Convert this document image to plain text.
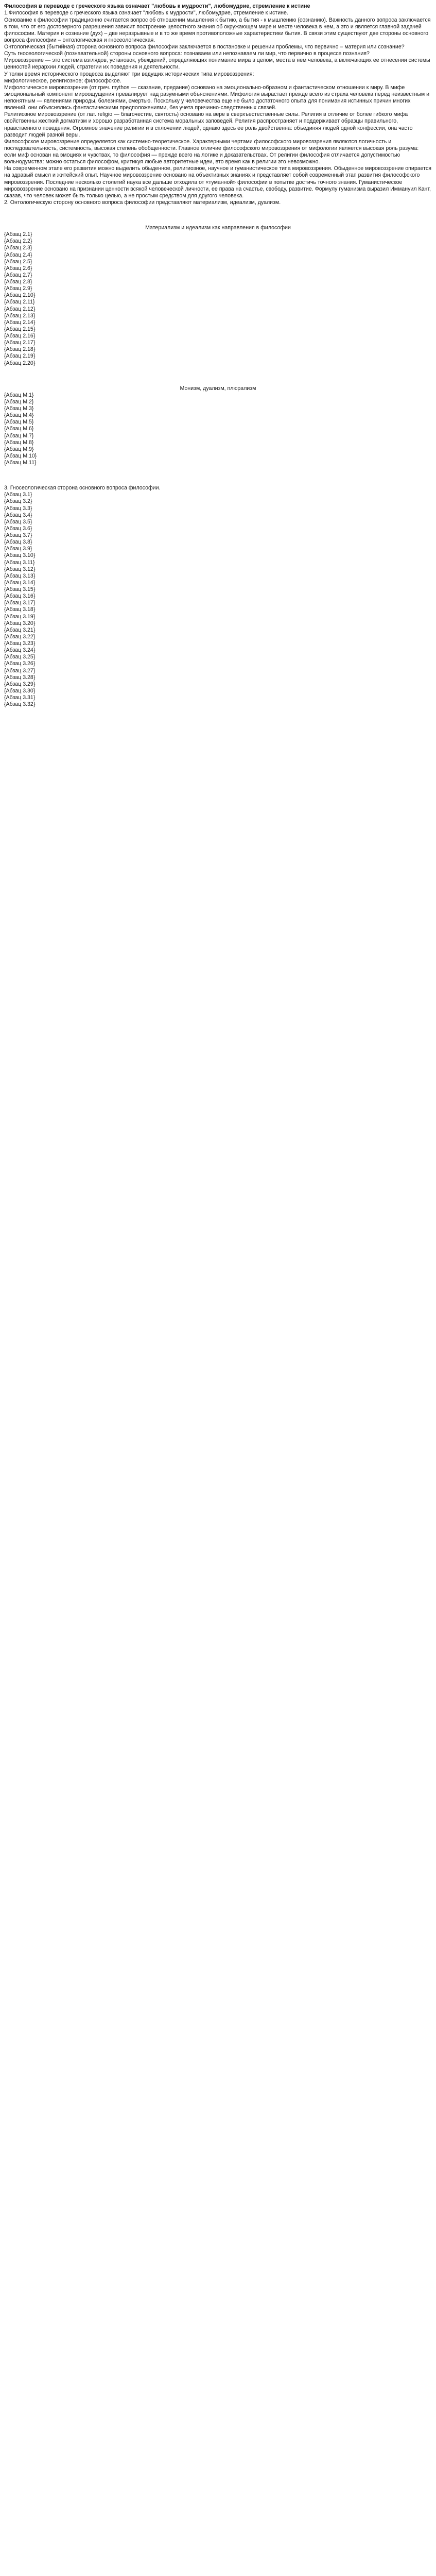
Философия в переводе с греческого языка означает "любовь к мудрости", любомудрие, стремление к истине

1.Философия в переводе с греческого языка означает "любовь к мудрости", любомудрие, стремление к истине.

Основание к философии традиционно считается вопрос об отношении мышления к бытию, а бытия - к мышлению (сознанию). Важность данного вопроса заключается в том, что от его достоверного разрешения зависит построение целостного знания об окружающем мире и месте человека в нем, а это и является главной задачей философии. Материя и сознание (дух) – две неразрывные и в то же время противоположные характеристики бытия. В связи этим существуют две стороны основного вопроса философии – онтологическая и гносеологическая.

Онтологическая (бытийная) сторона основного вопроса философии заключается в постановке и решении проблемы, что первично – материя или сознание?

Суть гносеологической (познавательной) стороны основного вопроса: познаваем или непознаваем ли мир, что первично в процессе познания?

Мировоззрение — это система взглядов, установок, убеждений, определяющих понимание мира в целом, места в нем человека, а включающих ее отнесении системы ценностей иерархии людей, стратегии их поведения и деятельности.

У толки время исторического процесса выделяют три ведущих исторических типа мировоззрения:

мифологическое, религиозное; философское.

Мифологическое мировоззрение (от греч. mythos — сказание, предание) основано на эмоционально-образном и фантастическом отношении к миру. В мифе эмоциональный компонент мироощущения превалирует над разумными объяснениями. Мифология вырастает прежде всего из страха человека перед неизвестным и непонятным — явлениями природы, болезнями, смертью. Поскольку у человечества еще не было достаточного опыта для понимания истинных причин многих явлений, они объяснялись фантастическими предположениями, без учета причинно-следственных связей.

Религиозное мировоззрение (от лат. religio — благочестие, святость) основано на вере в сверхъестественные силы. Религия в отличие от более гибкого мифа свойственны жесткий догматизм и хорошо разработанная система моральных заповедей. Религия распространяет и поддерживает образцы правильного, нравственного поведения. Огромное значение религии и в сплочении людей, однако здесь ее роль двойственна: объединяя людей одной конфессии, она часто разводит людей разной веры.

Философское мировоззрение определяется как системно-теоретическое. Характерными чертами философского мировоззрения являются логичность и последовательность, системность, высокая степень обобщенности. Главное отличие философского мировоззрения от мифологии является высокая роль разума: если миф основан на эмоциях и чувствах, то философия — прежде всего на логике и доказательствах. От религии философия отличается допустимостью вольнодумства: можно остаться философом, критикуя любые авторитетные идеи, вто время как в религии это невозможно.

На современном этапе его развития можно выделить обыденное, религиозное, научное и гуманистическое типа мировоззрения. Обыденное мировоззрение опирается на здравый смысл и житейский опыт. Научное мировоззрение основано на объективных знаниях и представляет собой современный этап развития философского мировоззрения. Последние несколько столетий наука все дальше отходила от «туманной» философии в попытке достичь точного знания. Гуманистическое мировоззрение основано на признании ценности всякой человеческой личности, ее права на счастье, свободу, развитие. Формулу гуманизма выразил Иммануил Кант, сказав, что человек может быть только целью, а не простым средством для другого человека.

2. Онтологическую сторону основного вопроса философии представляют материализм, идеализм, дуализм.

Материализм и идеализм как направления в философии

{Абзац 2.1}

{Абзац 2.2}

{Абзац 2.3}

{Абзац 2.4}

{Абзац 2.5}

{Абзац 2.6}

{Абзац 2.7}

{Абзац 2.8}

{Абзац 2.9}

{Абзац 2.10}

{Абзац 2.11}

{Абзац 2.12}

{Абзац 2.13}

{Абзац 2.14}

{Абзац 2.15}

{Абзац 2.16}

{Абзац 2.17}

{Абзац 2.18}

{Абзац 2.19}

{Абзац 2.20}

Монизм, дуализм, плюрализм

{Абзац М.1}

{Абзац М.2}

{Абзац М.3}

{Абзац М.4}

{Абзац М.5}

{Абзац М.6}

{Абзац М.7}

{Абзац М.8}

{Абзац М.9}

{Абзац М.10}

{Абзац М.11}

3. Гносеологическая сторона основного вопроса философии.

{Абзац 3.1}

{Абзац 3.2}

{Абзац 3.3}

{Абзац 3.4}

{Абзац 3.5}

{Абзац 3.6}

{Абзац 3.7}

{Абзац 3.8}

{Абзац 3.9}

{Абзац 3.10}

{Абзац 3.11}

{Абзац 3.12}

{Абзац 3.13}

{Абзац 3.14}

{Абзац 3.15}

{Абзац 3.16}

{Абзац 3.17}

{Абзац 3.18}

{Абзац 3.19}

{Абзац 3.20}

{Абзац 3.21}

{Абзац 3.22}

{Абзац 3.23}

{Абзац 3.24}

{Абзац 3.25}

{Абзац 3.26}

{Абзац 3.27}

{Абзац 3.28}

{Абзац 3.29}

{Абзац 3.30}

{Абзац 3.31}

{Абзац 3.32}
